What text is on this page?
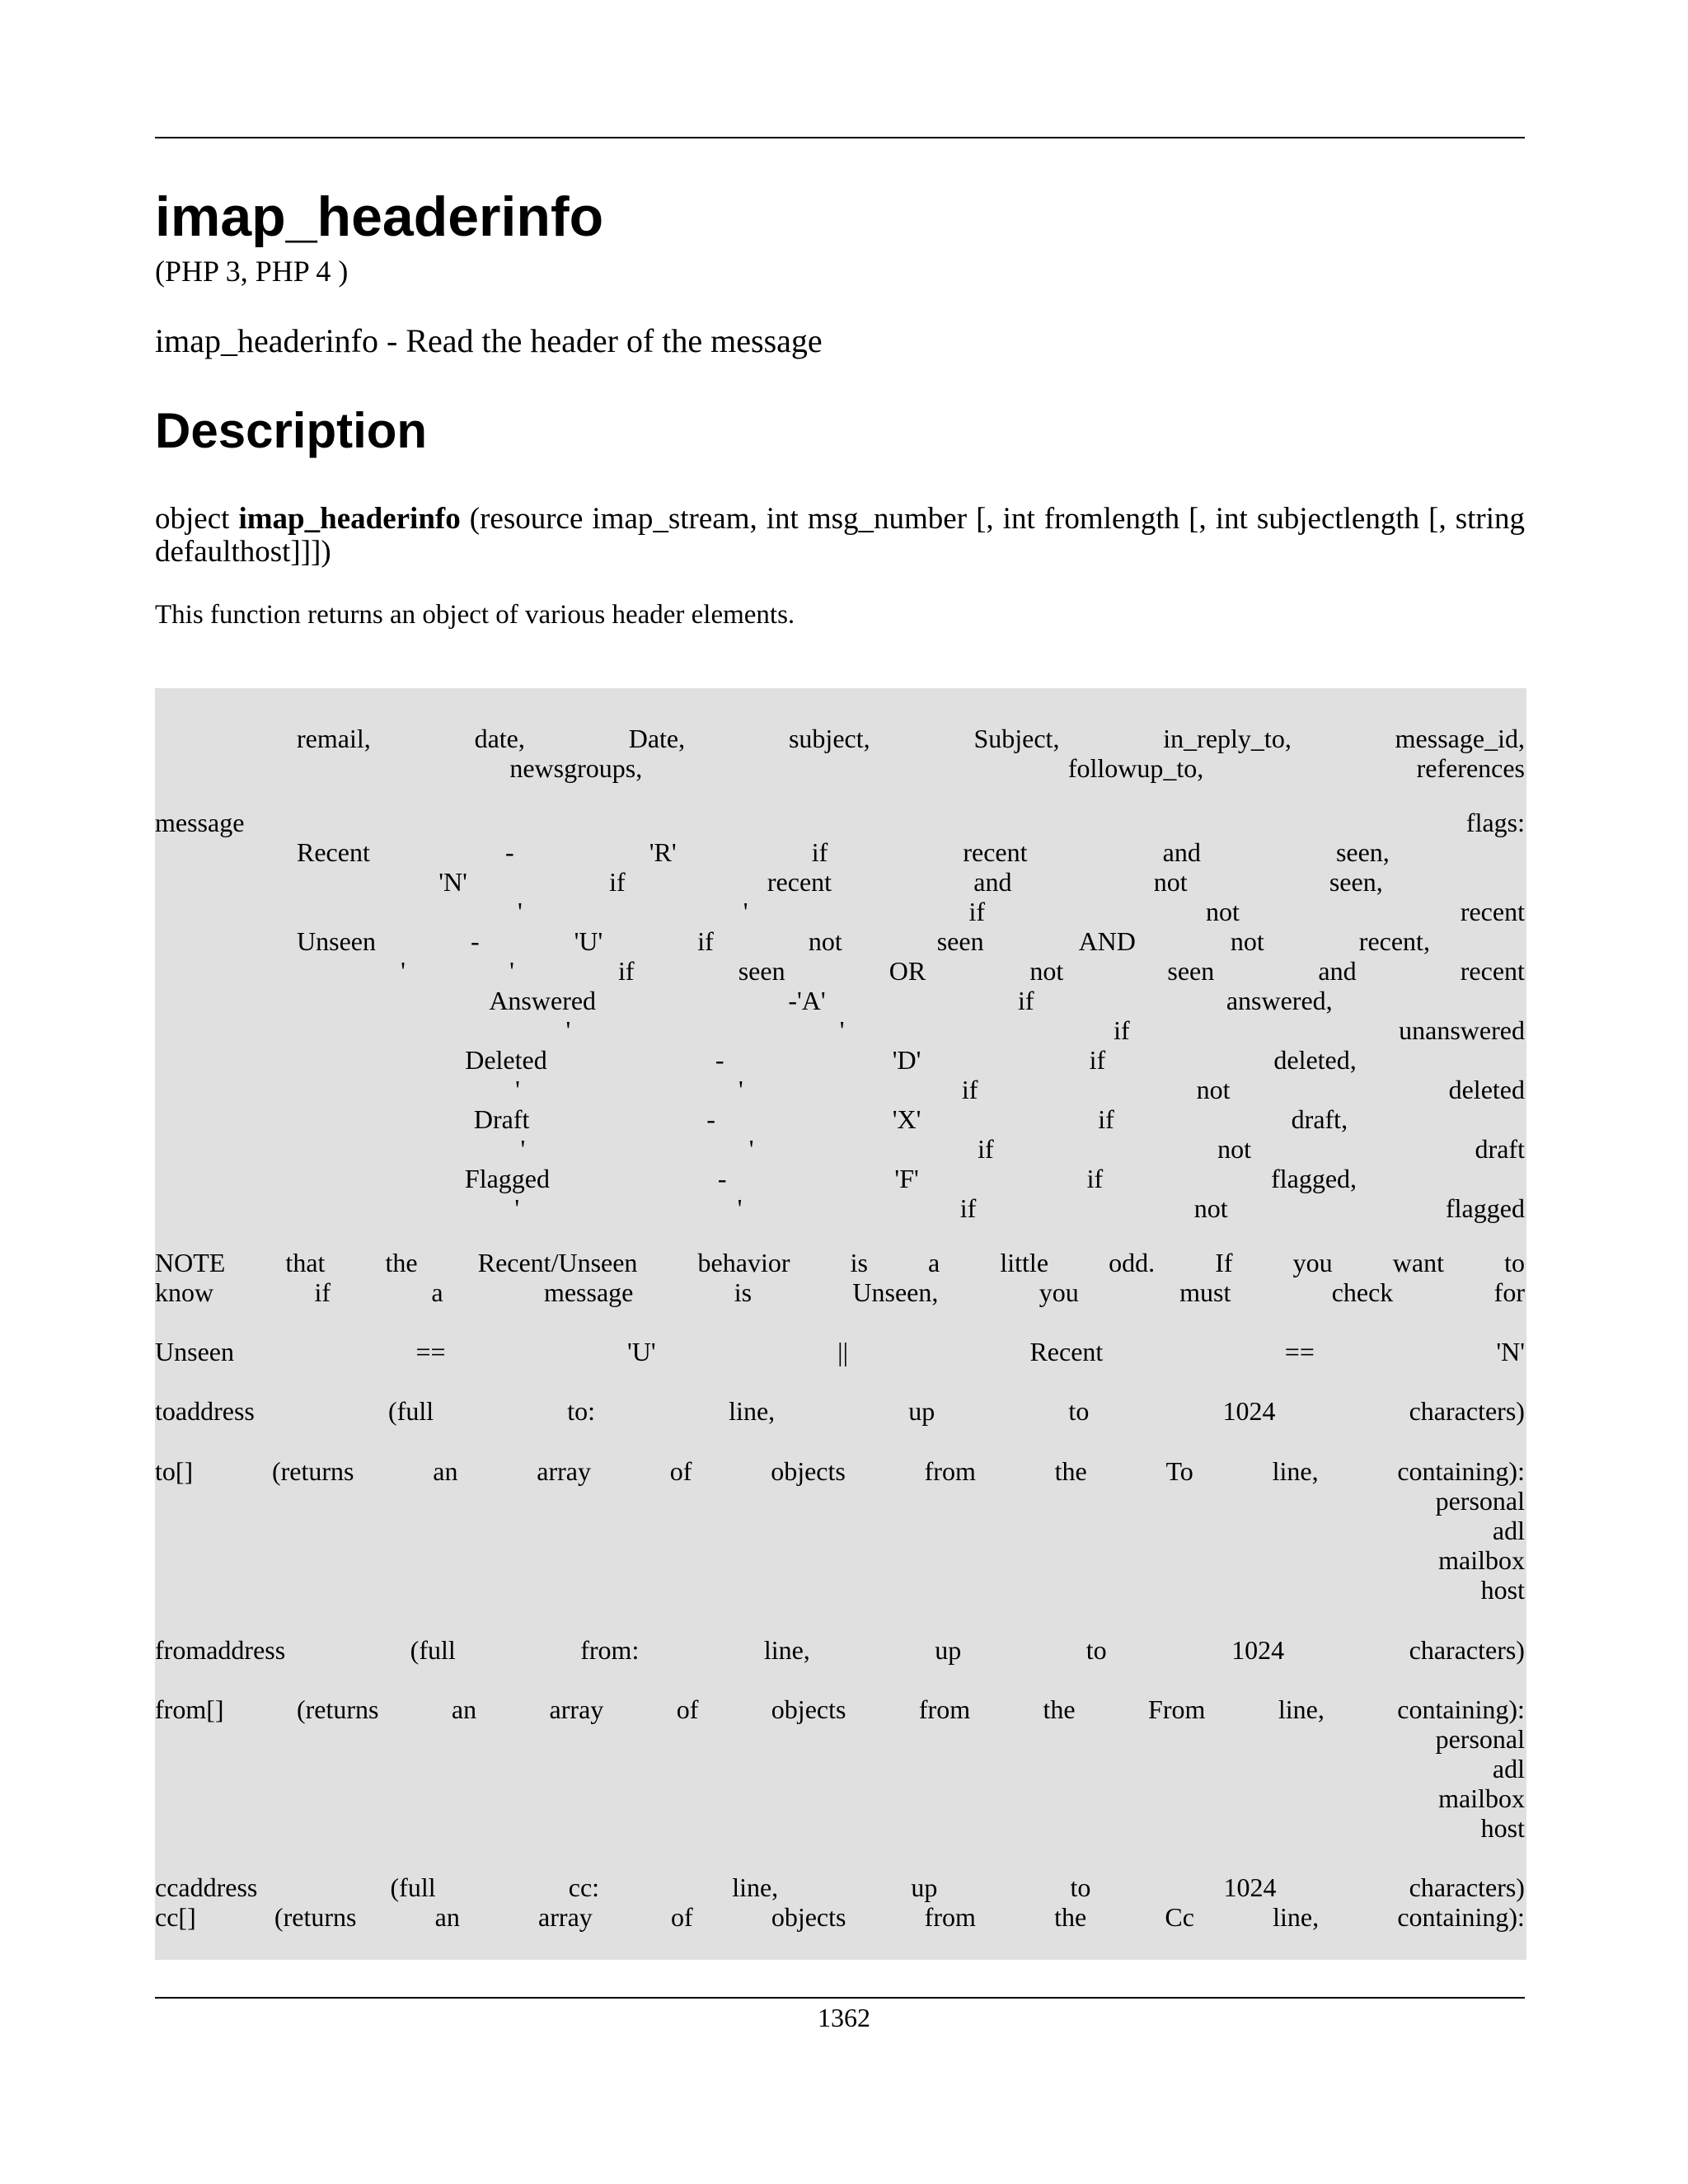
imap_headerinfo
(PHP 3, PHP 4 )
imap_headerinfo - Read the header of the message
Description
object imap_headerinfo (resource imap_stream, int msg_number [, int fromlength [, int subjectlength [, string defaulthost]]])
This function returns an object of various header elements.
remail,	date,	Date,	subject,	Subject,	in_reply_to,	message_id,
newsgroups,	followup_to,	references
message	flags:
Recent	-	'R'	if	recent	and	seen,
'N'	if	recent	and	not	seen,
'	'	if	not	recent
Unseen	-	'U'	if	not	seen	AND	not	recent,
'	'	if	seen	OR	not	seen	and	recent
Answered	-'A'	if	answered,
'	'	if	unanswered
Deleted	-	'D'	if	deleted,
'	'	if	not	deleted
Draft	-	'X'	if	draft,
'	'	if	not	draft
Flagged	-	'F'	if	flagged,
'	'	if	not	flagged
NOTE that the Recent/Unseen behavior is a little odd. If you want to
know	if	a	message	is	Unseen,	you	must	check	for
Unseen	==	'U'	||	Recent	==	'N'
toaddress	(full	to:	line,	up	to	1024	characters)
to[]	(returns	an	array	of	objects	from	the	To	line,	containing):
personal
adl
mailbox
host
fromaddress	(full	from:	line,	up	to	1024	characters)
from[]	(returns	an	array	of	objects	from	the	From	line,	containing):
personal
adl
mailbox
host
ccaddress	(full	cc:	line,	up	to	1024	characters)
cc[]	(returns	an	array	of	objects	from	the	Cc	line,	containing):
1362
